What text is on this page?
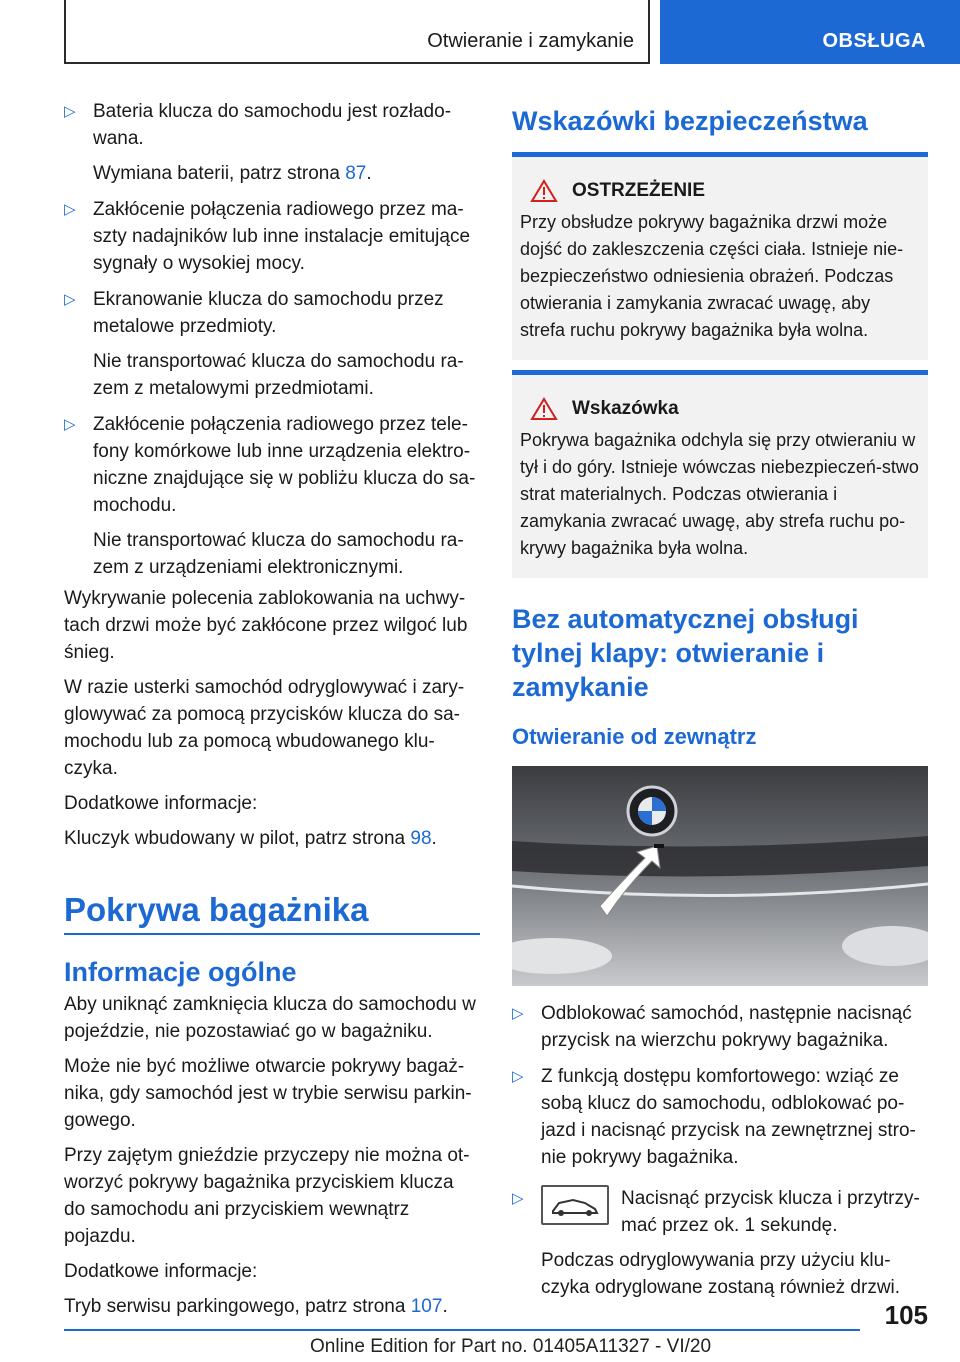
Otwieranie i zamykanie	OBSŁUGA
▷ Bateria klucza do samochodu jest rozłado-wana.

Wymiana baterii, patrz strona 87.

▷ Zakłócenie połączenia radiowego przez ma-szty nadajników lub inne instalacje emitujące sygnały o wysokiej mocy.

▷ Ekranowanie klucza do samochodu przez metalowe przedmioty.

Nie transportować klucza do samochodu ra-zem z metalowymi przedmiotami.

▷ Zakłócenie połączenia radiowego przez tele-fony komórkowe lub inne urządzenia elektro-niczne znajdujące się w pobliżu klucza do sa-mochodu.

Nie transportować klucza do samochodu ra-zem z urządzeniami elektronicznymi.

Wykrywanie polecenia zablokowania na uchwy-tach drzwi może być zakłócone przez wilgoć lub śnieg.

W razie usterki samochód odryglowywać i zary-glowywać za pomocą przycisków klucza do sa-mochodu lub za pomocą wbudowanego klu-czyka.

Dodatkowe informacje:

Kluczyk wbudowany w pilot, patrz strona 98.

Pokrywa bagażnika
Informacje ogólne

Aby uniknąć zamknięcia klucza do samochodu w pojeździe, nie pozostawiać go w bagażniku.

Może nie być możliwe otwarcie pokrywy bagaż-nika, gdy samochód jest w trybie serwisu parkin-gowego.

Przy zajętym gnieździe przyczepy nie można ot-worzyć pokrywy bagażnika przyciskiem klucza do samochodu ani przyciskiem wewnątrz pojazdu.

Dodatkowe informacje:

Tryb serwisu parkingowego, patrz strona 107.

Wskazówki bezpieczeństwa
OSTRZEŻENIE

Przy obsłudze pokrywy bagażnika drzwi może dojść do zakleszczenia części ciała. Istnieje nie-bezpieczeństwo odniesienia obrażeń. Podczas otwierania i zamykania zwracać uwagę, aby strefa ruchu pokrywy bagażnika była wolna.

Wskazówka

Pokrywa bagażnika odchyla się przy otwieraniu w tył i do góry. Istnieje wówczas niebezpieczeń-stwo strat materialnych. Podczas otwierania i zamykania zwracać uwagę, aby strefa ruchu po-krywy bagażnika była wolna.

Bez automatycznej obsługi tylnej klapy: otwieranie i zamykanie
Otwieranie od zewnątrz
▷ Odblokować samochód, następnie nacisnąć przycisk na wierzchu pokrywy bagażnika.

▷ Z funkcją dostępu komfortowego: wziąć ze sobą klucz do samochodu, odblokować po-jazd i nacisnąć przycisk na zewnętrznej stro-nie pokrywy bagażnika.

▷	Nacisnąć przycisk klucza i przytrzy-mać przez ok. 1 sekundę.

Podczas odryglowywania przy użyciu klu-czyka odryglowane zostaną również drzwi.

105
Online Edition for Part no. 01405A11327 - VI/20
